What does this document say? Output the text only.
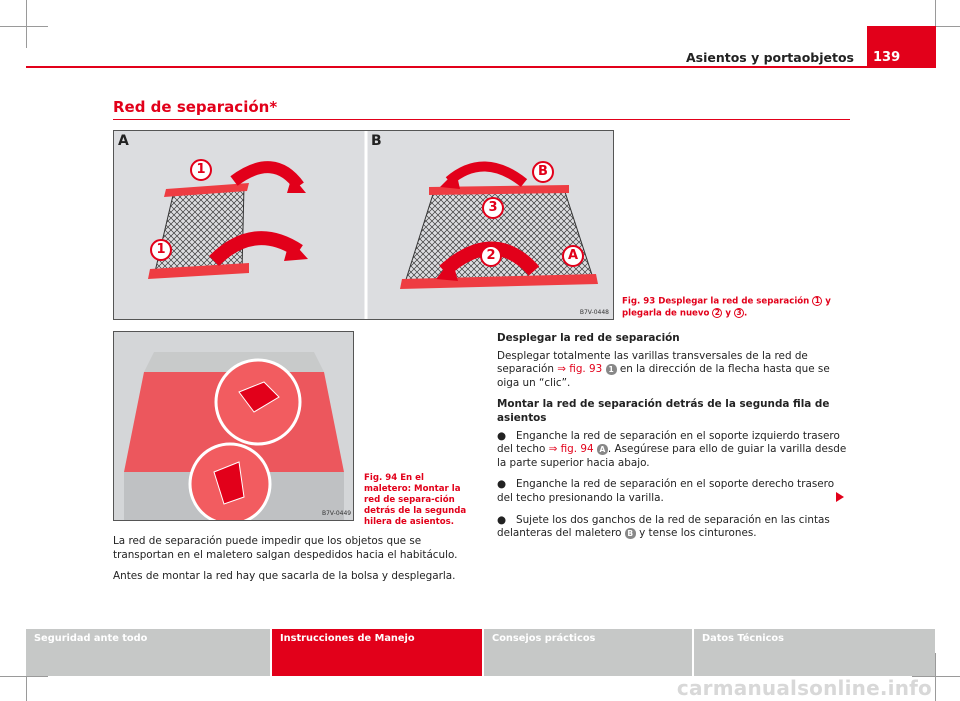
Asientos y portaobjetos 139
Red de separación*
A	B
1
1
B
3
2	A
B7V-0448
Fig. 93 Desplegar la red de separación 1 y plegarla de nuevo 2 y 3 .
B7V-0449
Fig. 94 En el maletero: Montar la red de separa-ción detrás de la segunda hilera de asientos.

La red de separación puede impedir que los objetos que se transportan en el maletero salgan despedidos hacia el habitáculo.

Antes de montar la red hay que sacarla de la bolsa y desplegarla.

Desplegar la red de separación

Desplegar totalmente las varillas transversales de la red de separación ⇒ fig. 93 1 en la dirección de la flecha hasta que se oiga un “clic”.

Montar la red de separación detrás de la segunda fila de asientos

● Enganche la red de separación en el soporte izquierdo trasero del techo ⇒ fig. 94 A . Asegúrese para ello de guiar la varilla desde la parte superior hacia abajo.

● Enganche la red de separación en el soporte derecho trasero del techo presionando la varilla.

● Sujete los dos ganchos de la red de separación en las cintas delanteras del maletero B y tense los cinturones.

Seguridad ante todo	Instrucciones de Manejo	Consejos prácticos	Datos Técnicos
carmanualsonline.info
